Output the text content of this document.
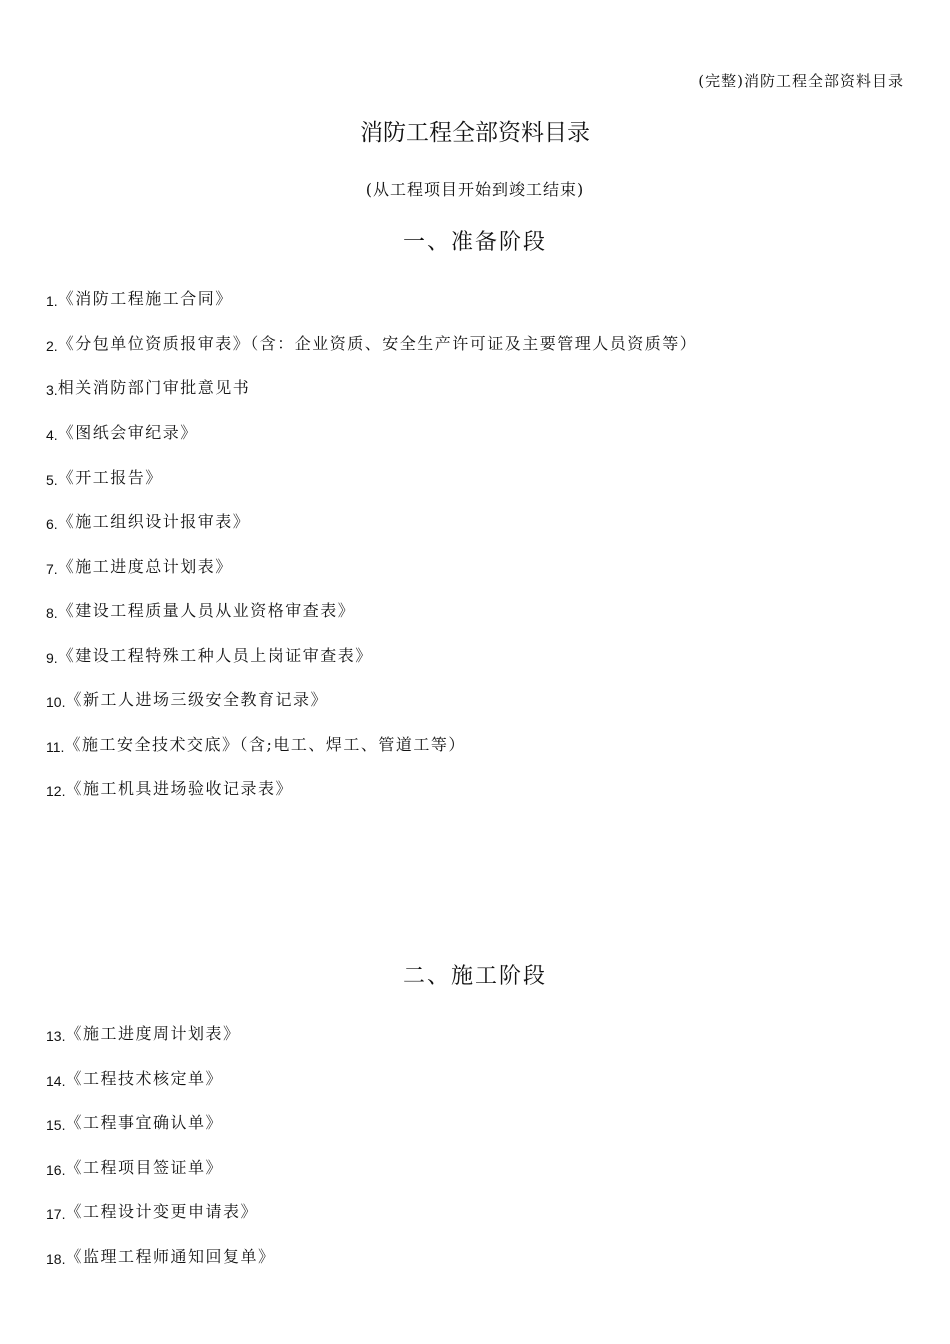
(完整)消防工程全部资料目录
消防工程全部资料目录
(从工程项目开始到竣工结束)
一、准备阶段
1.《消防工程施工合同》
2.《分包单位资质报审表》（含：企业资质、安全生产许可证及主要管理人员资质等）
3.相关消防部门审批意见书
4.《图纸会审纪录》
5.《开工报告》
6.《施工组织设计报审表》
7.《施工进度总计划表》
8.《建设工程质量人员从业资格审查表》
9.《建设工程特殊工种人员上岗证审查表》
10.《新工人进场三级安全教育记录》
11.《施工安全技术交底》（含;电工、焊工、管道工等）
12.《施工机具进场验收记录表》
二、施工阶段
13.《施工进度周计划表》
14.《工程技术核定单》
15.《工程事宜确认单》
16.《工程项目签证单》
17.《工程设计变更申请表》
18.《监理工程师通知回复单》
